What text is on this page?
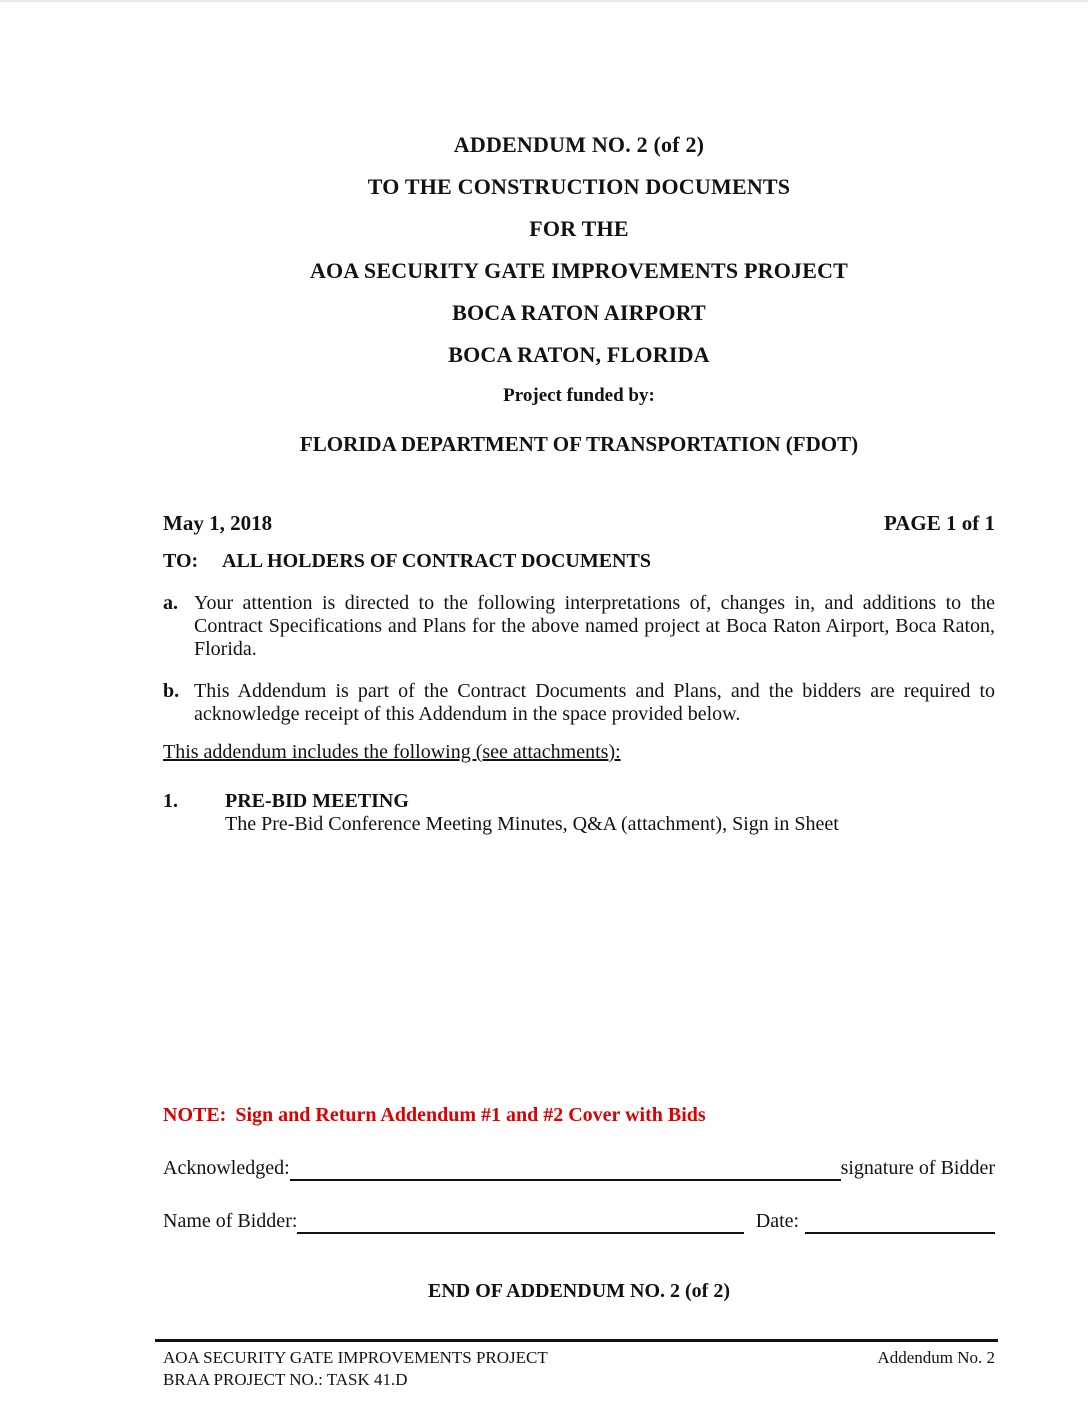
ADDENDUM NO. 2 (of 2)
TO THE CONSTRUCTION DOCUMENTS
FOR THE
AOA SECURITY GATE IMPROVEMENTS PROJECT
BOCA RATON AIRPORT
BOCA RATON, FLORIDA
Project funded by:
FLORIDA DEPARTMENT OF TRANSPORTATION (FDOT)
May 1, 2018	PAGE 1 of 1
TO: ALL HOLDERS OF CONTRACT DOCUMENTS
a. Your attention is directed to the following interpretations of, changes in, and additions to the Contract Specifications and Plans for the above named project at Boca Raton Airport, Boca Raton, Florida.
b. This Addendum is part of the Contract Documents and Plans, and the bidders are required to acknowledge receipt of this Addendum in the space provided below.
This addendum includes the following (see attachments):
1. PRE-BID MEETING
The Pre-Bid Conference Meeting Minutes, Q&A (attachment), Sign in Sheet
NOTE: Sign and Return Addendum #1 and #2 Cover with Bids
Acknowledged:	signature of Bidder
Name of Bidder:	Date:
END OF ADDENDUM NO. 2 (of 2)
AOA SECURITY GATE IMPROVEMENTS PROJECT
BRAA PROJECT NO.: TASK 41.D
Addendum No. 2
